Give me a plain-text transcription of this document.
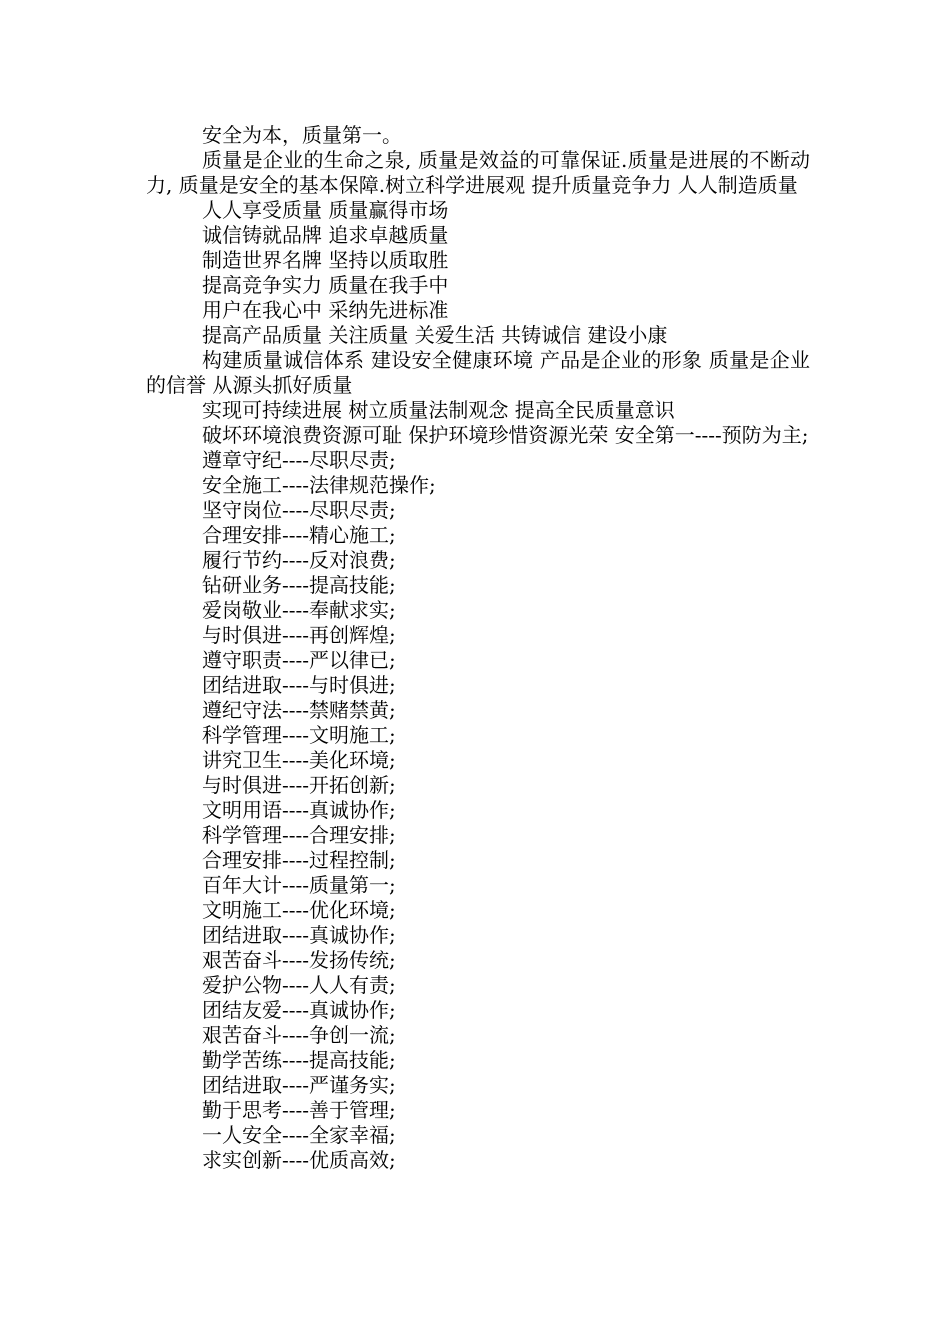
安全为本，质量第一。

质量是企业的生命之泉, 质量是效益的可靠保证.质量是进展的不断动力, 质量是安全的基本保障.树立科学进展观 提升质量竞争力 人人制造质量

人人享受质量 质量赢得市场

诚信铸就品牌 追求卓越质量

制造世界名牌 坚持以质取胜

提高竞争实力 质量在我手中

用户在我心中 采纳先进标准

提高产品质量 关注质量 关爱生活 共铸诚信 建设小康

构建质量诚信体系 建设安全健康环境 产品是企业的形象 质量是企业的信誉 从源头抓好质量

实现可持续进展 树立质量法制观念 提高全民质量意识

破坏环境浪费资源可耻 保护环境珍惜资源光荣 安全第一----预防为主;

遵章守纪----尽职尽责;

安全施工----法律规范操作;

坚守岗位----尽职尽责;

合理安排----精心施工;

履行节约----反对浪费;

钻研业务----提高技能;

爱岗敬业----奉献求实;

与时俱进----再创辉煌;

遵守职责----严以律已;

团结进取----与时俱进;

遵纪守法----禁赌禁黄;

科学管理----文明施工;

讲究卫生----美化环境;

与时俱进----开拓创新;

文明用语----真诚协作;

科学管理----合理安排;

合理安排----过程控制;

百年大计----质量第一;

文明施工----优化环境;

团结进取----真诚协作;

艰苦奋斗----发扬传统;

爱护公物----人人有责;

团结友爱----真诚协作;

艰苦奋斗----争创一流;

勤学苦练----提高技能;

团结进取----严谨务实;

勤于思考----善于管理;

一人安全----全家幸福;

求实创新----优质高效;
